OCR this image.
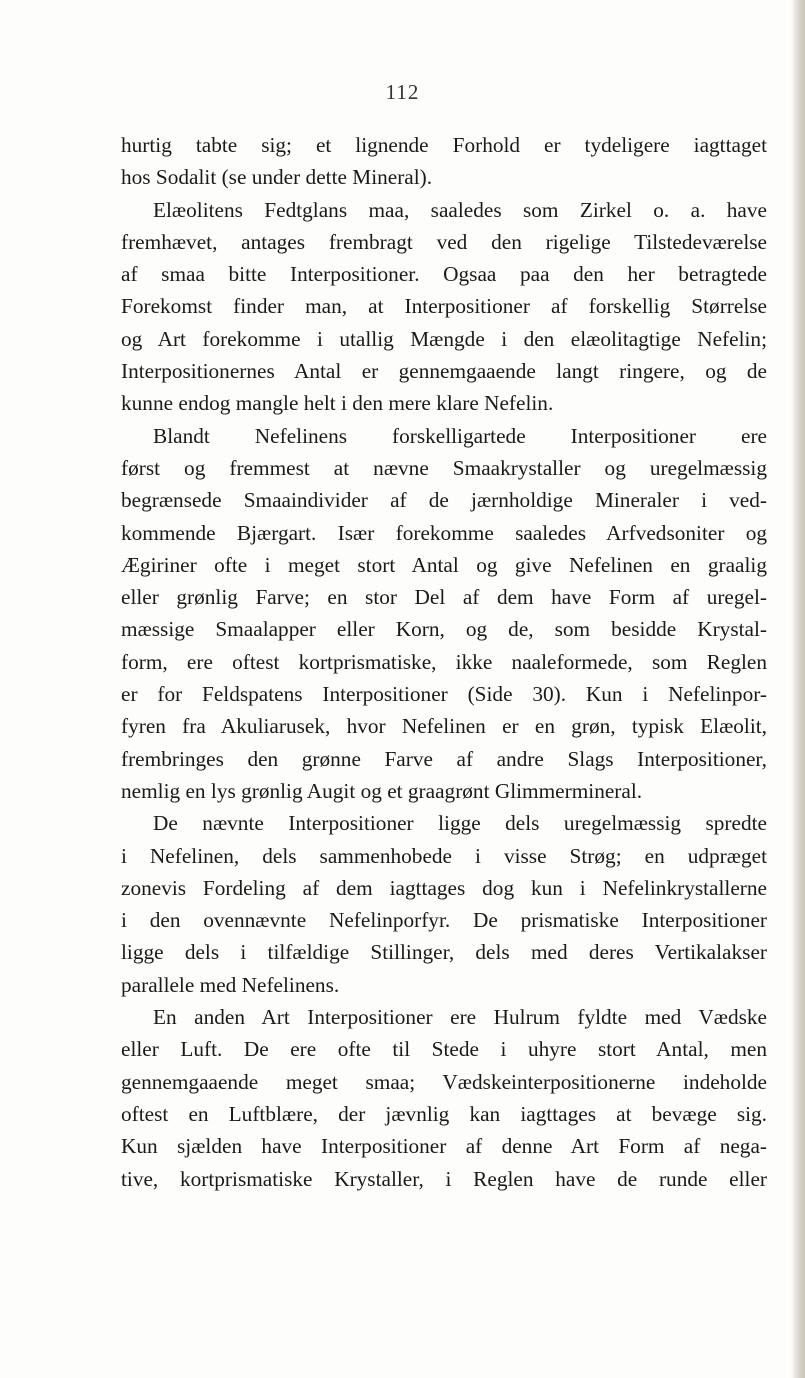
112
hurtig tabte sig; et lignende Forhold er tydeligere iagttaget
hos Sodalit (se under dette Mineral).
Elæolitens Fedtglans maa, saaledes som Zirkel o. a. have
fremhævet, antages frembragt ved den rigelige Tilstedeværelse
af smaa bitte Interpositioner. Ogsaa paa den her betragtede
Forekomst finder man, at Interpositioner af forskellig Størrelse
og Art forekomme i utallig Mængde i den elæolitagtige Nefelin;
Interpositionernes Antal er gennemgaaende langt ringere, og de
kunne endog mangle helt i den mere klare Nefelin.
Blandt Nefelinens forskelligartede Interpositioner ere
først og fremmest at nævne Smaakrystaller og uregelmæssig
begrænsede Smaaindivider af de jærnholdige Mineraler i ved-
kommende Bjærgart. Især forekomme saaledes Arfvedsoniter og
Ægiriner ofte i meget stort Antal og give Nefelinen en graalig
eller grønlig Farve; en stor Del af dem have Form af uregel-
mæssige Smaalapper eller Korn, og de, som besidde Krystal-
form, ere oftest kortprismatiske, ikke naaleformede, som Reglen
er for Feldspatens Interpositioner (Side 30). Kun i Nefelinpor-
fyren fra Akuliarusek, hvor Nefelinen er en grøn, typisk Elæolit,
frembringes den grønne Farve af andre Slags Interpositioner,
nemlig en lys grønlig Augit og et graagrønt Glimmermineral.
De nævnte Interpositioner ligge dels uregelmæssig spredte
i Nefelinen, dels sammenhobede i visse Strøg; en udpræget
zonevis Fordeling af dem iagttages dog kun i Nefelinkrystallerne
i den ovennævnte Nefelinporfyr. De prismatiske Interpositioner
ligge dels i tilfældige Stillinger, dels med deres Vertikalakser
parallele med Nefelinens.
En anden Art Interpositioner ere Hulrum fyldte med Vædske
eller Luft. De ere ofte til Stede i uhyre stort Antal, men
gennemgaaende meget smaa; Vædskeinterpositionerne indeholde
oftest en Luftblære, der jævnlig kan iagttages at bevæge sig.
Kun sjælden have Interpositioner af denne Art Form af nega-
tive, kortprismatiske Krystaller, i Reglen have de runde eller
